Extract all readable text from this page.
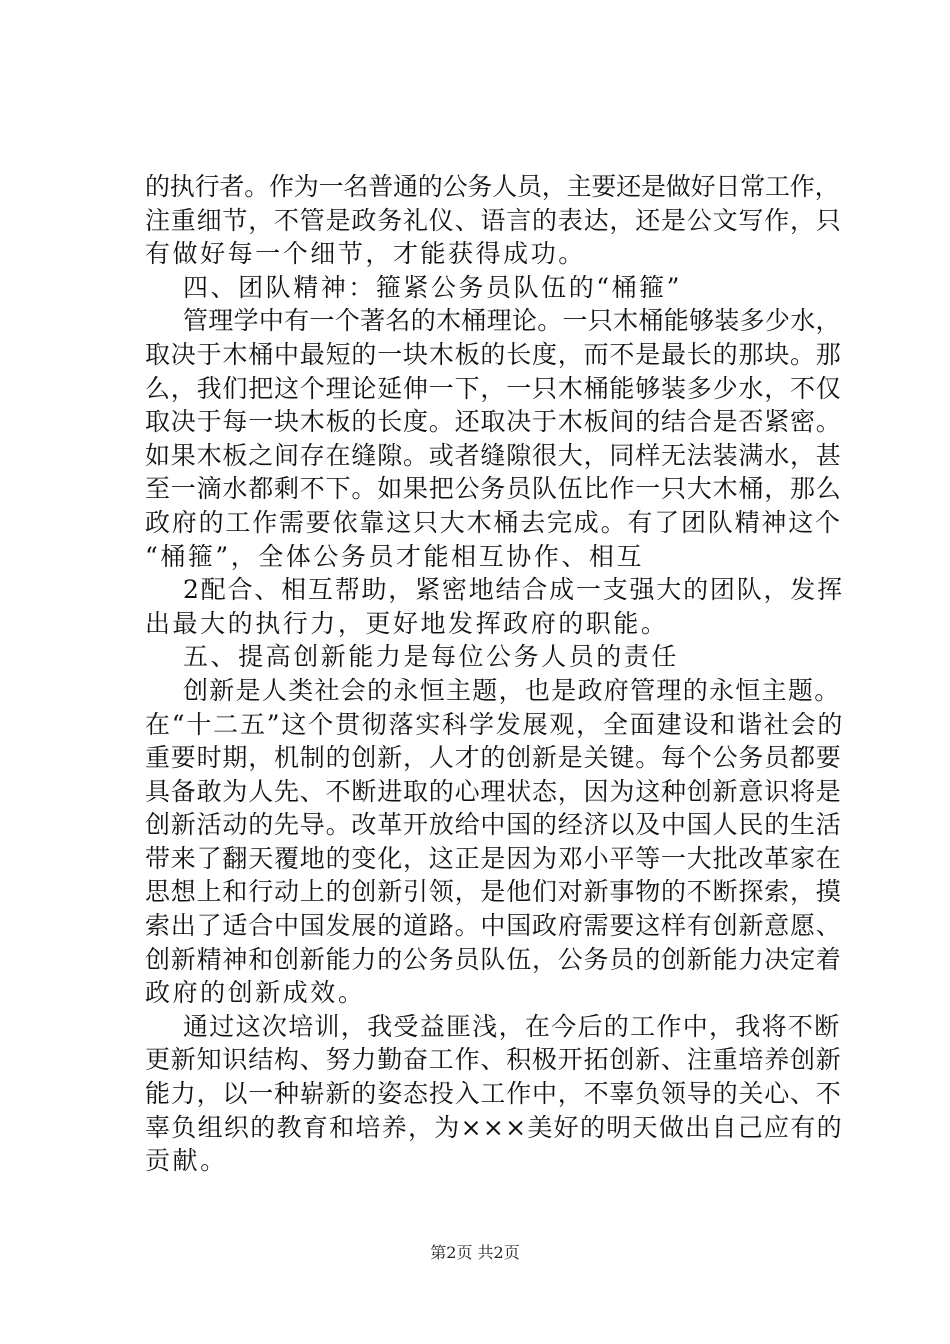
的执行者。作为一名普通的公务人员，主要还是做好日常工作，
注重细节，不管是政务礼仪、语言的表达，还是公文写作，只
有做好每一个细节，才能获得成功。
四、团队精神：箍紧公务员队伍的“桶箍”
管理学中有一个著名的木桶理论。一只木桶能够装多少水，
取决于木桶中最短的一块木板的长度，而不是最长的那块。那
么，我们把这个理论延伸一下，一只木桶能够装多少水，不仅
取决于每一块木板的长度。还取决于木板间的结合是否紧密。
如果木板之间存在缝隙。或者缝隙很大，同样无法装满水，甚
至一滴水都剩不下。如果把公务员队伍比作一只大木桶，那么
政府的工作需要依靠这只大木桶去完成。有了团队精神这个
“桶箍”，全体公务员才能相互协作、相互
2配合、相互帮助，紧密地结合成一支强大的团队，发挥
出最大的执行力，更好地发挥政府的职能。
五、提高创新能力是每位公务人员的责任
创新是人类社会的永恒主题，也是政府管理的永恒主题。
在“十二五”这个贯彻落实科学发展观，全面建设和谐社会的
重要时期，机制的创新，人才的创新是关键。每个公务员都要
具备敢为人先、不断进取的心理状态，因为这种创新意识将是
创新活动的先导。改革开放给中国的经济以及中国人民的生活
带来了翻天覆地的变化，这正是因为邓小平等一大批改革家在
思想上和行动上的创新引领，是他们对新事物的不断探索，摸
索出了适合中国发展的道路。中国政府需要这样有创新意愿、
创新精神和创新能力的公务员队伍，公务员的创新能力决定着
政府的创新成效。
通过这次培训，我受益匪浅，在今后的工作中，我将不断
更新知识结构、努力勤奋工作、积极开拓创新、注重培养创新
能力，以一种崭新的姿态投入工作中，不辜负领导的关心、不
辜负组织的教育和培养，为×××美好的明天做出自己应有的
贡献。
第2页 共2页
